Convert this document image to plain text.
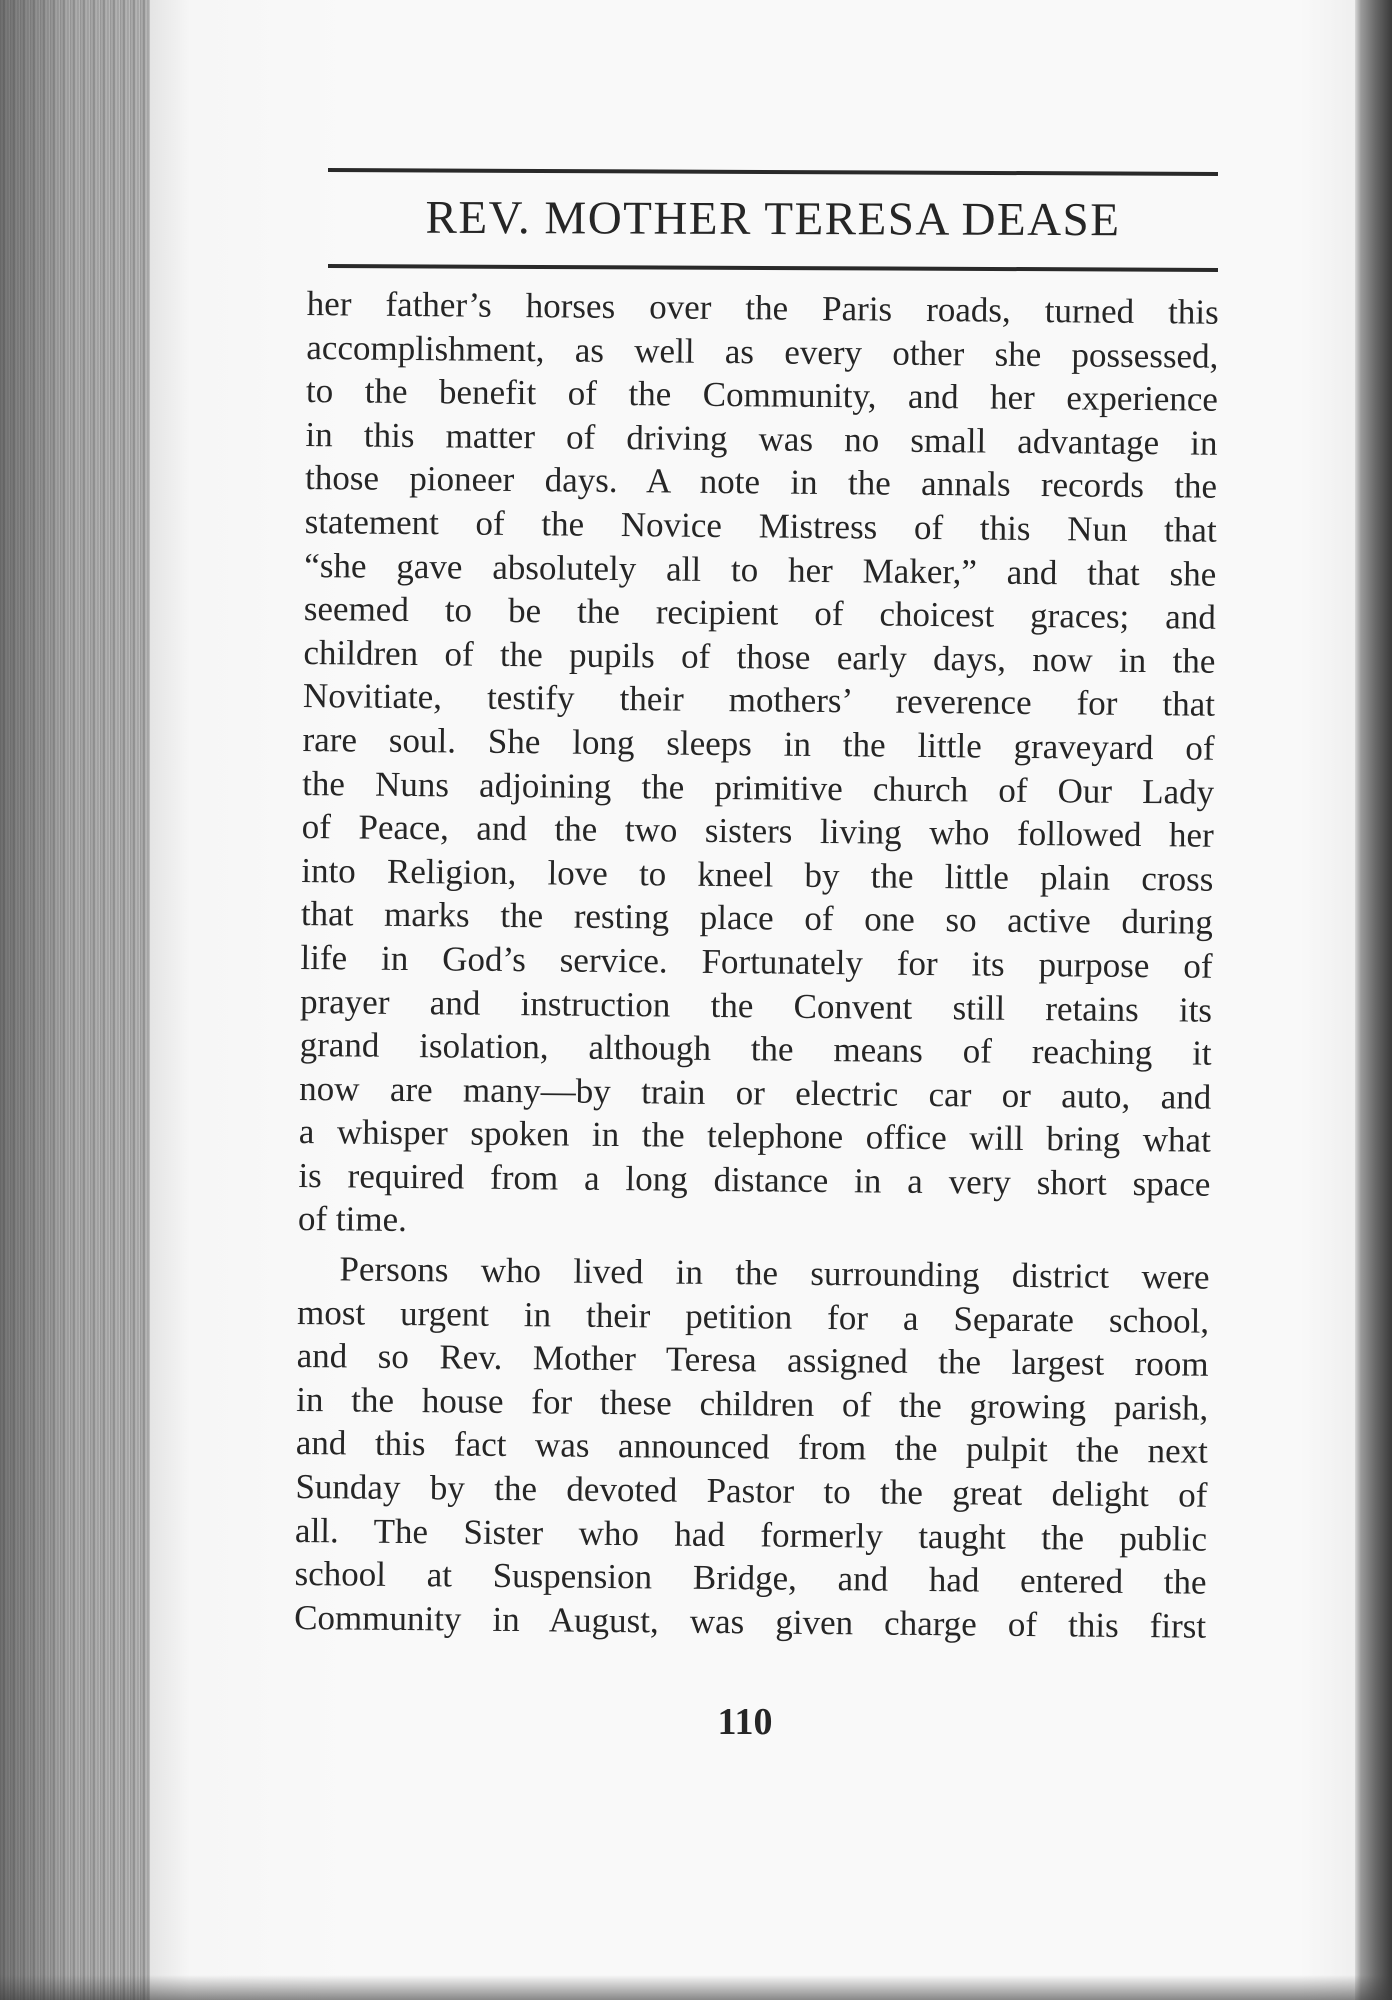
REV. MOTHER TERESA DEASE
her father’s horses over the Paris roads, turned this
accomplishment, as well as every other she possessed,
to the benefit of the Community, and her experience
in this matter of driving was no small advantage in
those pioneer days. A note in the annals records the
statement of the Novice Mistress of this Nun that
“she gave absolutely all to her Maker,” and that she
seemed to be the recipient of choicest graces; and
children of the pupils of those early days, now in the
Novitiate, testify their mothers’ reverence for that
rare soul. She long sleeps in the little graveyard of
the Nuns adjoining the primitive church of Our Lady
of Peace, and the two sisters living who followed her
into Religion, love to kneel by the little plain cross
that marks the resting place of one so active during
life in God’s service. Fortunately for its purpose of
prayer and instruction the Convent still retains its
grand isolation, although the means of reaching it
now are many—by train or electric car or auto, and
a whisper spoken in the telephone office will bring what
is required from a long distance in a very short space
of time.
Persons who lived in the surrounding district were
most urgent in their petition for a Separate school,
and so Rev. Mother Teresa assigned the largest room
in the house for these children of the growing parish,
and this fact was announced from the pulpit the next
Sunday by the devoted Pastor to the great delight of
all. The Sister who had formerly taught the public
school at Suspension Bridge, and had entered the
Community in August, was given charge of this first
110
